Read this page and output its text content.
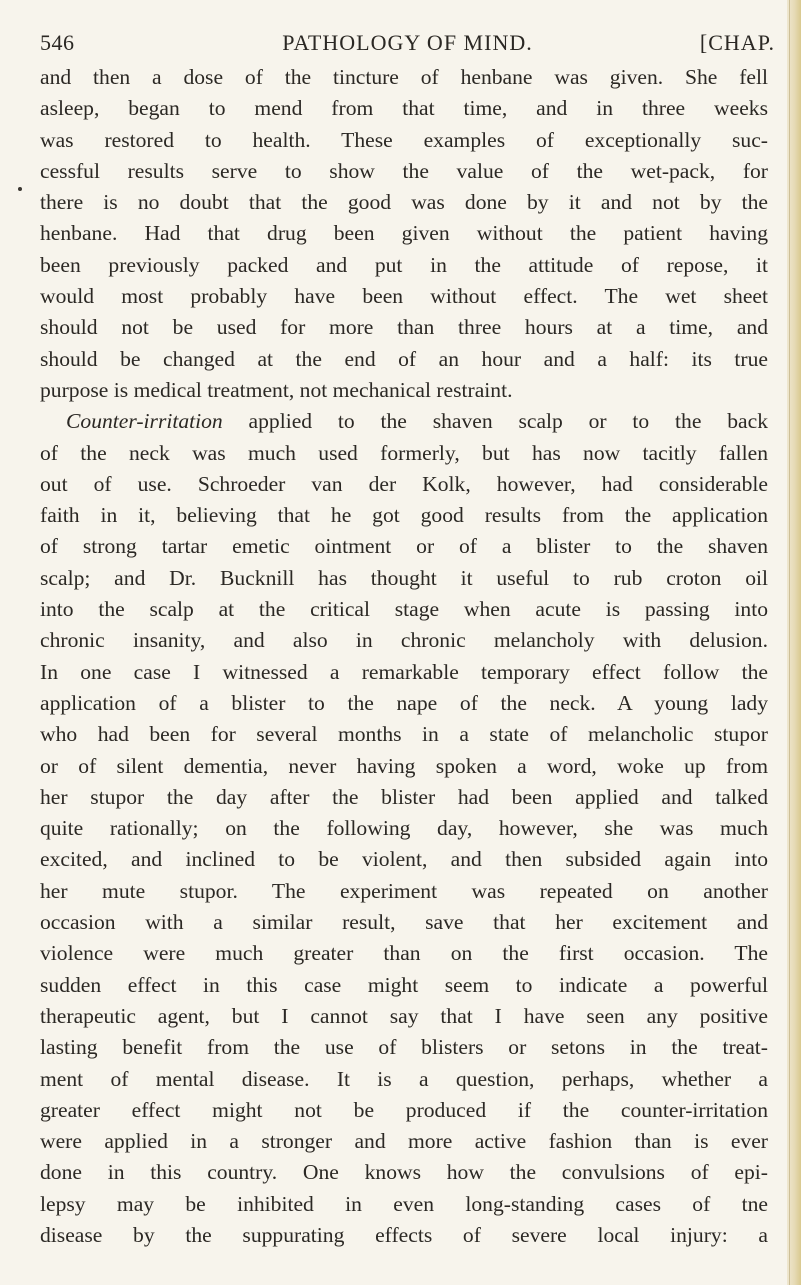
546	PATHOLOGY OF MIND.	[CHAP.
and then a dose of the tincture of henbane was given. She fell
asleep, began to mend from that time, and in three weeks
was restored to health. These examples of exceptionally suc-
cessful results serve to show the value of the wet-pack, for
there is no doubt that the good was done by it and not by the
henbane. Had that drug been given without the patient having
been previously packed and put in the attitude of repose, it
would most probably have been without effect. The wet sheet
should not be used for more than three hours at a time, and
should be changed at the end of an hour and a half: its true
purpose is medical treatment, not mechanical restraint.
Counter-irritation applied to the shaven scalp or to the back
of the neck was much used formerly, but has now tacitly fallen
out of use. Schroeder van der Kolk, however, had considerable
faith in it, believing that he got good results from the application
of strong tartar emetic ointment or of a blister to the shaven
scalp; and Dr. Bucknill has thought it useful to rub croton oil
into the scalp at the critical stage when acute is passing into
chronic insanity, and also in chronic melancholy with delusion.
In one case I witnessed a remarkable temporary effect follow the
application of a blister to the nape of the neck. A young lady
who had been for several months in a state of melancholic stupor
or of silent dementia, never having spoken a word, woke up from
her stupor the day after the blister had been applied and talked
quite rationally; on the following day, however, she was much
excited, and inclined to be violent, and then subsided again into
her mute stupor. The experiment was repeated on another
occasion with a similar result, save that her excitement and
violence were much greater than on the first occasion. The
sudden effect in this case might seem to indicate a powerful
therapeutic agent, but I cannot say that I have seen any positive
lasting benefit from the use of blisters or setons in the treat-
ment of mental disease. It is a question, perhaps, whether a
greater effect might not be produced if the counter-irritation
were applied in a stronger and more active fashion than is ever
done in this country. One knows how the convulsions of epi-
lepsy may be inhibited in even long-standing cases of tne
disease by the suppurating effects of severe local injury: a
